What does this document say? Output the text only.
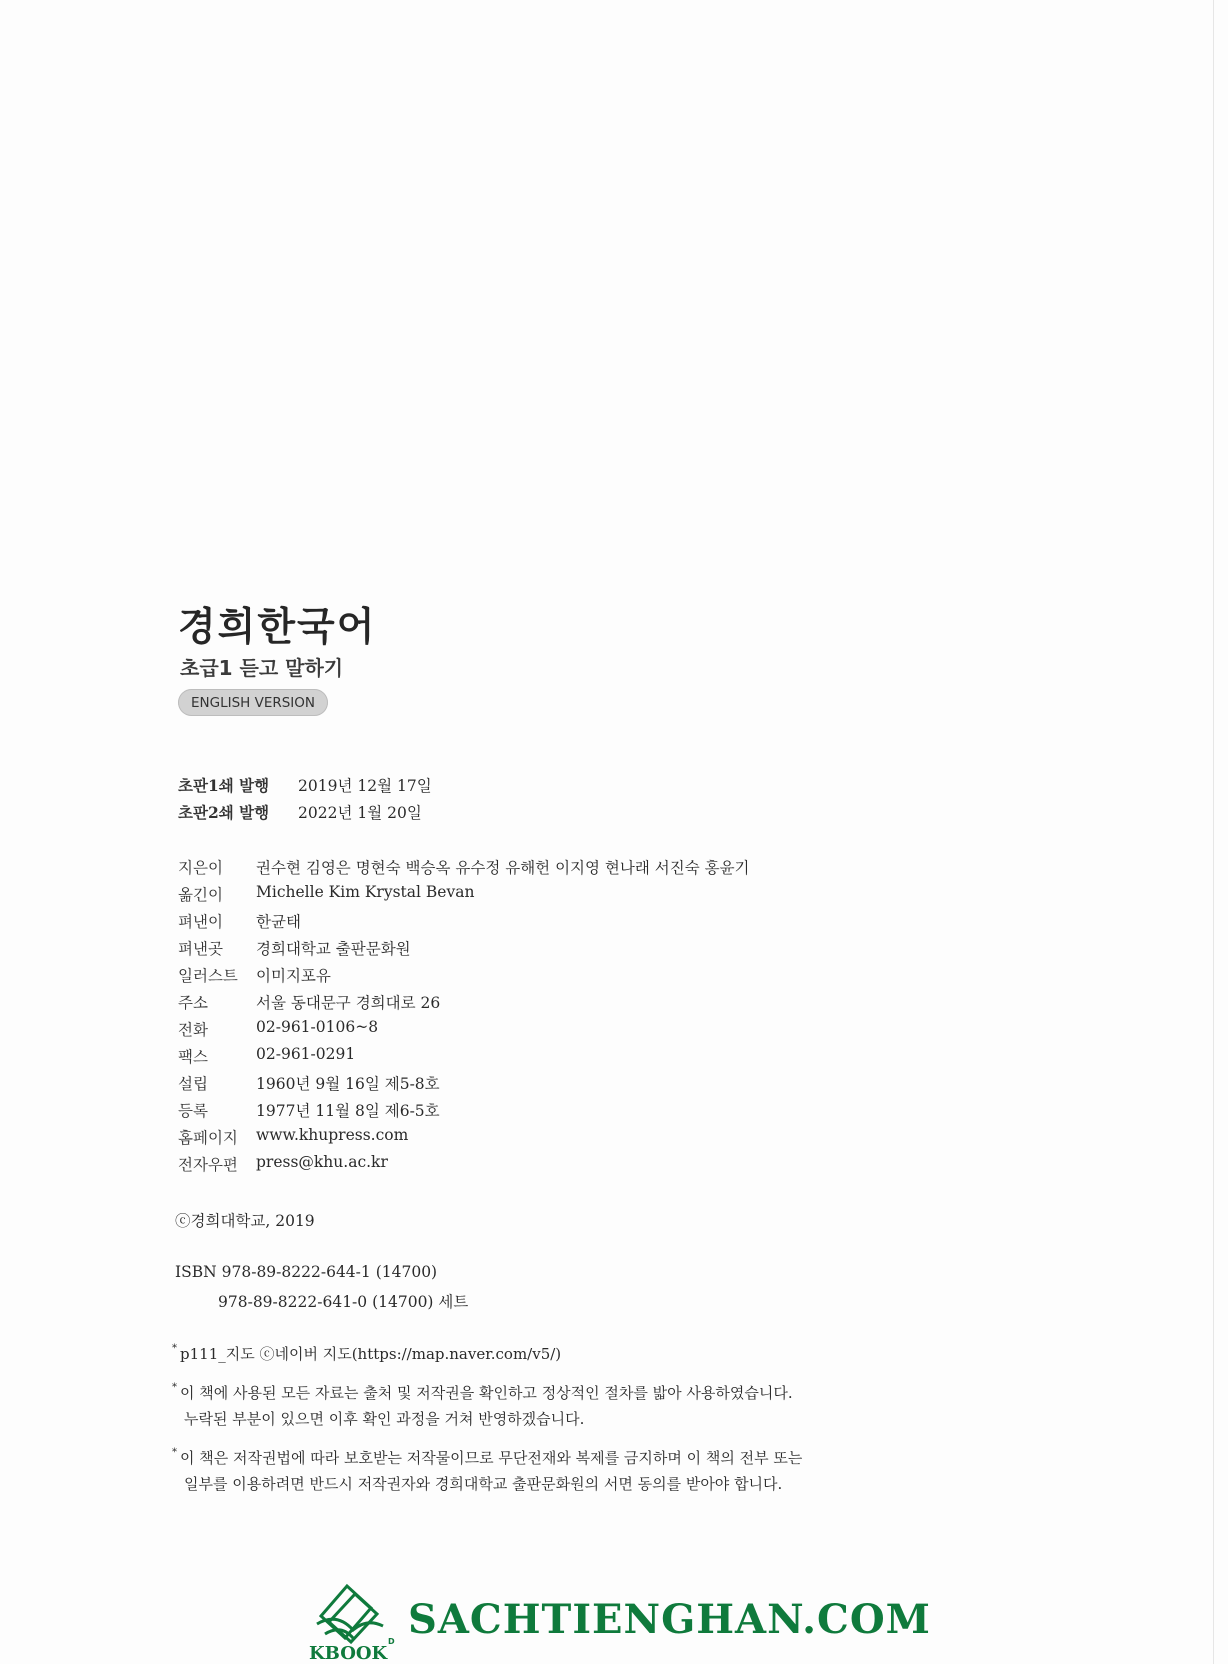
경희한국어
초급1 듣고 말하기
ENGLISH VERSION
초판1쇄 발행	2019년 12월 17일
초판2쇄 발행	2022년 1월 20일
지은이	권수현 김영은 명현숙 백승옥 유수정 유해헌 이지영 현나래 서진숙 홍윤기
옮긴이	Michelle Kim Krystal Bevan
펴낸이	한균태
펴낸곳	경희대학교 출판문화원
일러스트	이미지포유
주소	서울 동대문구 경희대로 26
전화	02-961-0106~8
팩스	02-961-0291
설립	1960년 9월 16일 제5-8호
등록	1977년 11월 8일 제6-5호
홈페이지	www.khupress.com
전자우편	press@khu.ac.kr
ⓒ경희대학교, 2019
ISBN 978-89-8222-644-1 (14700)
978-89-8222-641-0 (14700) 세트
* p111_지도 ⓒ네이버 지도(https://map.naver.com/v5/)
* 이 책에 사용된 모든 자료는 출처 및 저작권을 확인하고 정상적인 절차를 밟아 사용하였습니다.
누락된 부분이 있으면 이후 확인 과정을 거쳐 반영하겠습니다.
* 이 책은 저작권법에 따라 보호받는 저작물이므로 무단전재와 복제를 금지하며 이 책의 전부 또는
일부를 이용하려면 반드시 저작권자와 경희대학교 출판문화원의 서면 동의를 받아야 합니다.
D
KBOOK
SACHTIENGHAN.COM
